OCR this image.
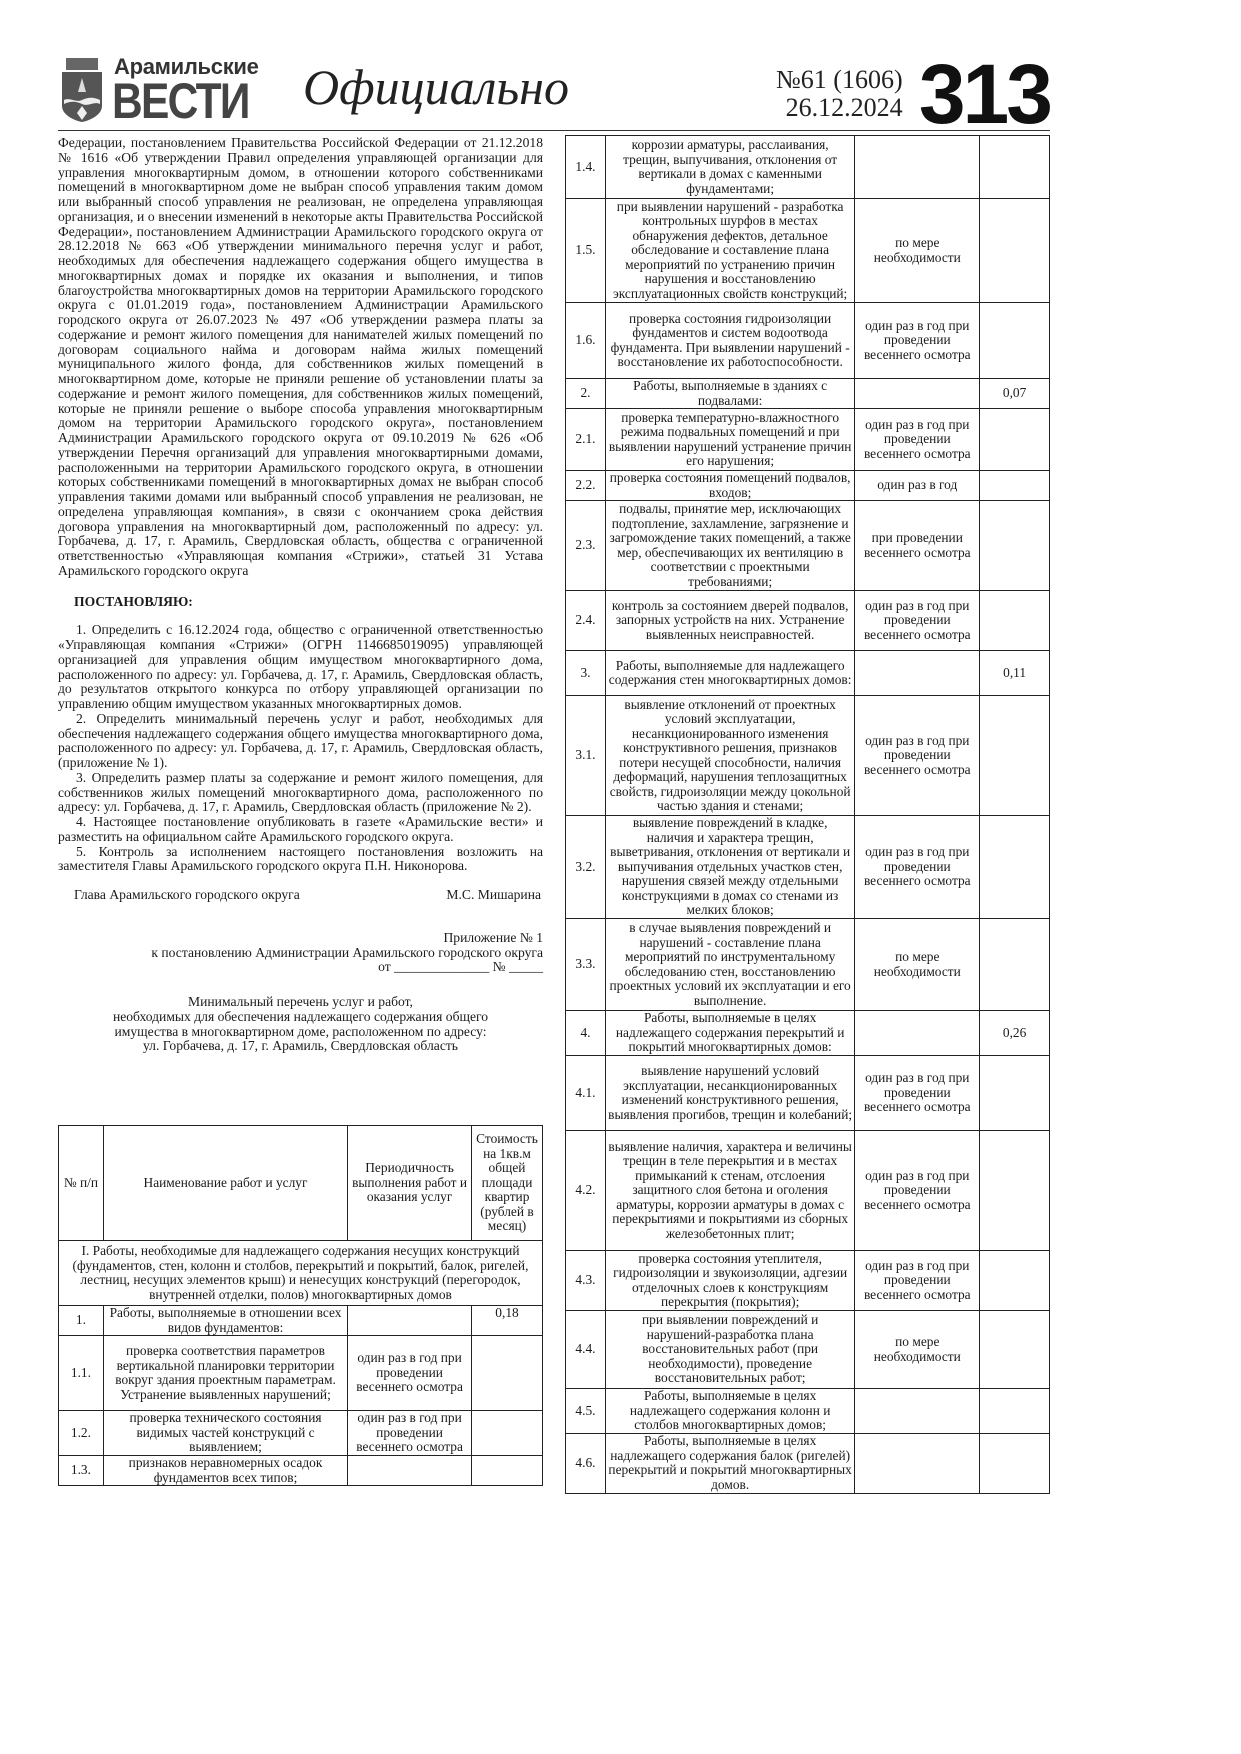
Арамильские
ВЕСТИ Официально	№61 (1606)
26.12.2024 313

Федерации, постановлением Правительства Российской Федерации от 21.12.2018 № 1616 «Об утверждении Правил определения управляющей организации для управления многоквартирным домом, в отношении которого собственниками помещений в многоквартирном доме не выбран способ управления таким домом или выбранный способ управления не реализован, не определена управляющая организация, и о внесении изменений в некоторые акты Правительства Российской Федерации», постановлением Администрации Арамильского городского округа от 28.12.2018 № 663 «Об утверждении минимального перечня услуг и работ, необходимых для обеспечения надлежащего содержания общего имущества в многоквартирных домах и порядке их оказания и выполнения, и типов благоустройства многоквартирных домов на территории Арамильского городского округа с 01.01.2019 года», постановлением Администрации Арамильского городского округа от 26.07.2023 № 497 «Об утверждении размера платы за содержание и ремонт жилого помещения для нанимателей жилых помещений по договорам социального найма и договорам найма жилых помещений муниципального жилого фонда, для собственников жилых помещений в многоквартирном доме, которые не приняли решение об установлении платы за содержание и ремонт жилого помещения, для собственников жилых помещений, которые не приняли решение о выборе способа управления многоквартирным домом на территории Арамильского городского округа», постановлением Администрации Арамильского городского округа от 09.10.2019 № 626 «Об утверждении Перечня организаций для управления многоквартирными домами, расположенными на территории Арамильского городского округа, в отношении которых собственниками помещений в многоквартирных домах не выбран способ управления такими домами или выбранный способ управления не реализован, не определена управляющая компания», в связи с окончанием срока действия договора управления на многоквартирный дом, расположенный по адресу: ул. Горбачева, д. 17, г. Арамиль, Свердловская область, общества с ограниченной ответственностью «Управляющая компания «Стрижи», статьей 31 Устава Арамильского городского округа

ПОСТАНОВЛЯЮ:

1. Определить с 16.12.2024 года, общество с ограниченной ответственностью «Управляющая компания «Стрижи» (ОГРН 1146685019095) управляющей организацией для управления общим имуществом многоквартирного дома, расположенного по адресу: ул. Горбачева, д. 17, г. Арамиль, Свердловская область, до результатов открытого конкурса по отбору управляющей организации по управлению общим имуществом указанных многоквартирных домов.

2. Определить минимальный перечень услуг и работ, необходимых для обеспечения надлежащего содержания общего имущества многоквартирного дома, расположенного по адресу: ул. Горбачева, д. 17, г. Арамиль, Свердловская область, (приложение № 1).

3. Определить размер платы за содержание и ремонт жилого помещения, для собственников жилых помещений многоквартирного дома, расположенного по адресу: ул. Горбачева, д. 17, г. Арамиль, Свердловская область (приложение № 2).

4. Настоящее постановление опубликовать в газете «Арамильские вести» и разместить на официальном сайте Арамильского городского округа.

5. Контроль за исполнением настоящего постановления возложить на заместителя Главы Арамильского городского округа П.Н. Никонорова.

Глава Арамильского городского округа	М.С. Мишарина
Приложение № 1
к постановлению Администрации Арамильского городского округа
от ______________ № _____
Минимальный перечень услуг и работ,
необходимых для обеспечения надлежащего содержания общего имущества в многоквартирном доме, расположенном по адресу:
ул. Горбачева, д. 17, г. Арамиль, Свердловская область
№ п/п	Наименование работ и услуг	Периодичность выполнения работ и оказания услуг	Стоимость на 1кв.м общей площади квартир (рублей в месяц)
I. Работы, необходимые для надлежащего содержания несущих конструкций (фундаментов, стен, колонн и столбов, перекрытий и покрытий, балок, ригелей, лестниц, несущих элементов крыш) и ненесущих конструкций (перегородок, внутренней отделки, полов) многоквартирных домов			
1.	Работы, выполняемые в отношении всех видов фундаментов:		0,18
1.1.	проверка соответствия параметров вертикальной планировки территории вокруг здания проектным параметрам. Устранение выявленных нарушений;	один раз в год при проведении весеннего осмотра	
1.2.	проверка технического состояния видимых частей конструкций с выявлением;	один раз в год при проведении весеннего осмотра	
1.3.	признаков неравномерных осадок фундаментов всех типов;		
1.4.	коррозии арматуры, расслаивания, трещин, выпучивания, отклонения от вертикали в домах с каменными фундаментами;		
1.5.	при выявлении нарушений - разработка контрольных шурфов в местах обнаружения дефектов, детальное обследование и составление плана мероприятий по устранению причин нарушения и восстановлению эксплуатационных свойств конструкций;	по мере необходимости	
1.6.	проверка состояния гидроизоляции фундаментов и систем водоотвода фундамента. При выявлении нарушений - восстановление их работоспособности.	один раз в год при проведении весеннего осмотра	
2.	Работы, выполняемые в зданиях с подвалами:		0,07
2.1.	проверка температурно-влажностного режима подвальных помещений и при выявлении нарушений устранение причин его нарушения;	один раз в год при проведении весеннего осмотра	
2.2.	проверка состояния помещений подвалов, входов;	один раз в год	
2.3.	подвалы, принятие мер, исключающих подтопление, захламление, загрязнение и загромождение таких помещений, а также мер, обеспечивающих их вентиляцию в соответствии с проектными требованиями;	при проведении весеннего осмотра	
2.4.	контроль за состоянием дверей подвалов, запорных устройств на них. Устранение выявленных неисправностей.	один раз в год при проведении весеннего осмотра	
3.	Работы, выполняемые для надлежащего содержания стен многоквартирных домов:		0,11
3.1.	выявление отклонений от проектных условий эксплуатации, несанкционированного изменения конструктивного решения, признаков потери несущей способности, наличия деформаций, нарушения теплозащитных свойств, гидроизоляции между цокольной частью здания и стенами;	один раз в год при проведении весеннего осмотра	
3.2.	выявление повреждений в кладке, наличия и характера трещин, выветривания, отклонения от вертикали и выпучивания отдельных участков стен, нарушения связей между отдельными конструкциями в домах со стенами из мелких блоков;	один раз в год при проведении весеннего осмотра	
3.3.	в случае выявления повреждений и нарушений - составление плана мероприятий по инструментальному обследованию стен, восстановлению проектных условий их эксплуатации и его выполнение.	по мере необходимости	
4.	Работы, выполняемые в целях надлежащего содержания перекрытий и покрытий многоквартирных домов:		0,26
4.1.	выявление нарушений условий эксплуатации, несанкционированных изменений конструктивного решения, выявления прогибов, трещин и колебаний;	один раз в год при проведении весеннего осмотра	
4.2.	выявление наличия, характера и величины трещин в теле перекрытия и в местах примыканий к стенам, отслоения защитного слоя бетона и оголения арматуры, коррозии арматуры в домах с перекрытиями и покрытиями из сборных железобетонных плит;	один раз в год при проведении весеннего осмотра	
4.3.	проверка состояния утеплителя, гидроизоляции и звукоизоляции, адгезии отделочных слоев к конструкциям перекрытия (покрытия);	один раз в год при проведении весеннего осмотра	
4.4.	при выявлении повреждений и нарушений-разработка плана восстановительных работ (при необходимости), проведение восстановительных работ;	по мере необходимости	
4.5.	Работы, выполняемые в целях надлежащего содержания колонн и столбов многоквартирных домов;		
4.6.	Работы, выполняемые в целях надлежащего содержания балок (ригелей) перекрытий и покрытий многоквартирных домов.		
